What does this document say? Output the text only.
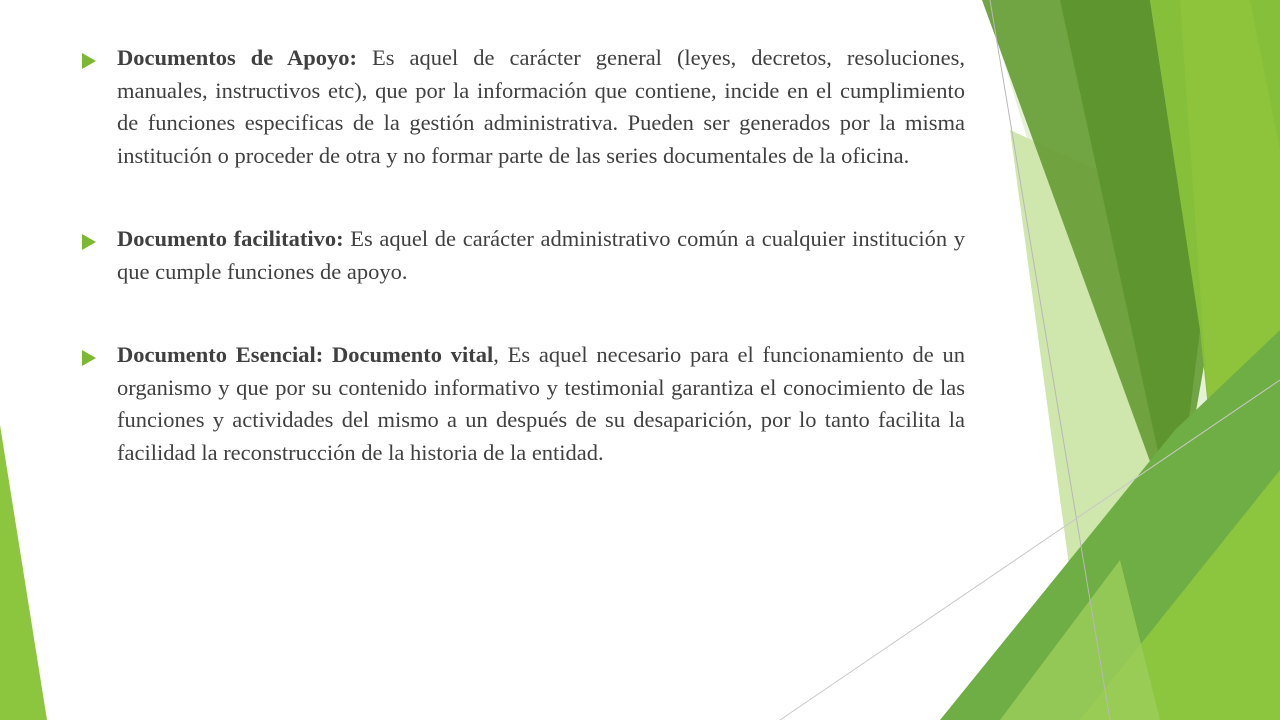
Documentos de Apoyo: Es aquel de carácter general (leyes, decretos, resoluciones, manuales, instructivos etc), que por la información que contiene, incide en el cumplimiento de funciones especificas de la gestión administrativa. Pueden ser generados por la misma institución o proceder de otra y no formar parte de las series documentales de la oficina.
Documento facilitativo: Es aquel de carácter administrativo común a cualquier institución y que cumple funciones de apoyo.
Documento Esencial: Documento vital, Es aquel necesario para el funcionamiento de un organismo y que por su contenido informativo y testimonial garantiza el conocimiento de las funciones y actividades del mismo a un después de su desaparición, por lo tanto facilita la facilidad la reconstrucción de la historia de la entidad.
